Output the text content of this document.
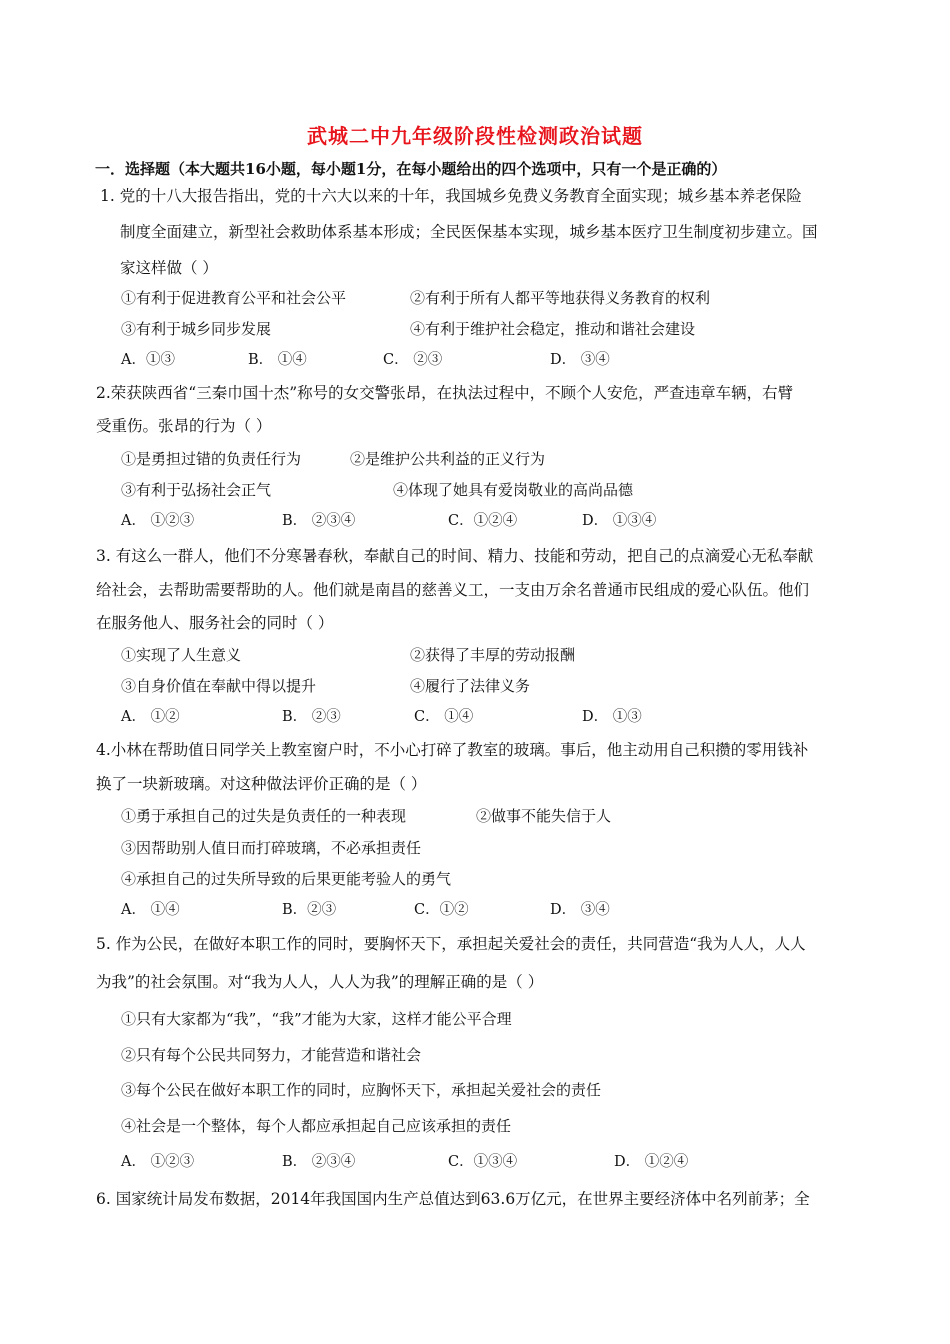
武城二中九年级阶段性检测政治试题
一．选择题（本大题共16小题，每小题1分，在每小题给出的四个选项中，只有一个是正确的）
1. 党的十八大报告指出，党的十六大以来的十年，我国城乡免费义务教育全面实现；城乡基本养老保险
制度全面建立，新型社会救助体系基本形成；全民医保基本实现，城乡基本医疗卫生制度初步建立。国
家这样做（ ）
①有利于促进教育公平和社会公平	②有利于所有人都平等地获得义务教育的权利
③有利于城乡同步发展	④有利于维护社会稳定，推动和谐社会建设
A．①③	B． ①④	C． ②③	D． ③④
2.荣获陕西省“三秦巾国十杰”称号的女交警张昂，在执法过程中，不顾个人安危，严查违章车辆，右臂
受重伤。张昂的行为（ ）
①是勇担过错的负责任行为	②是维护公共利益的正义行为
③有利于弘扬社会正气	④体现了她具有爱岗敬业的高尚品德
A． ①②③	B． ②③④	C．①②④	D． ①③④
3. 有这么一群人，他们不分寒暑春秋，奉献自己的时间、精力、技能和劳动，把自己的点滴爱心无私奉献
给社会，去帮助需要帮助的人。他们就是南昌的慈善义工，一支由万余名普通市民组成的爱心队伍。他们
在服务他人、服务社会的同时（ ）
①实现了人生意义	②获得了丰厚的劳动报酬
③自身价值在奉献中得以提升	④履行了法律义务
A． ①②	B． ②③	C． ①④	D． ①③
4.小林在帮助值日同学关上教室窗户时，不小心打碎了教室的玻璃。事后，他主动用自己积攒的零用钱补
换了一块新玻璃。对这种做法评价正确的是（ ）
①勇于承担自己的过失是负责任的一种表现	②做事不能失信于人
③因帮助别人值日而打碎玻璃，不必承担责任
④承担自己的过失所导致的后果更能考验人的勇气
A． ①④	B．②③	C．①②	D． ③④
5. 作为公民，在做好本职工作的同时，要胸怀天下，承担起关爱社会的责任，共同营造“我为人人，人人
为我”的社会氛围。对“我为人人，人人为我”的理解正确的是（ ）
①只有大家都为“我”，“我”才能为大家，这样才能公平合理
②只有每个公民共同努力，才能营造和谐社会
③每个公民在做好本职工作的同时，应胸怀天下，承担起关爱社会的责任
④社会是一个整体，每个人都应承担起自己应该承担的责任
A． ①②③	B． ②③④	C．①③④	D． ①②④
6. 国家统计局发布数据，2014年我国国内生产总值达到63.6万亿元，在世界主要经济体中名列前茅；全
